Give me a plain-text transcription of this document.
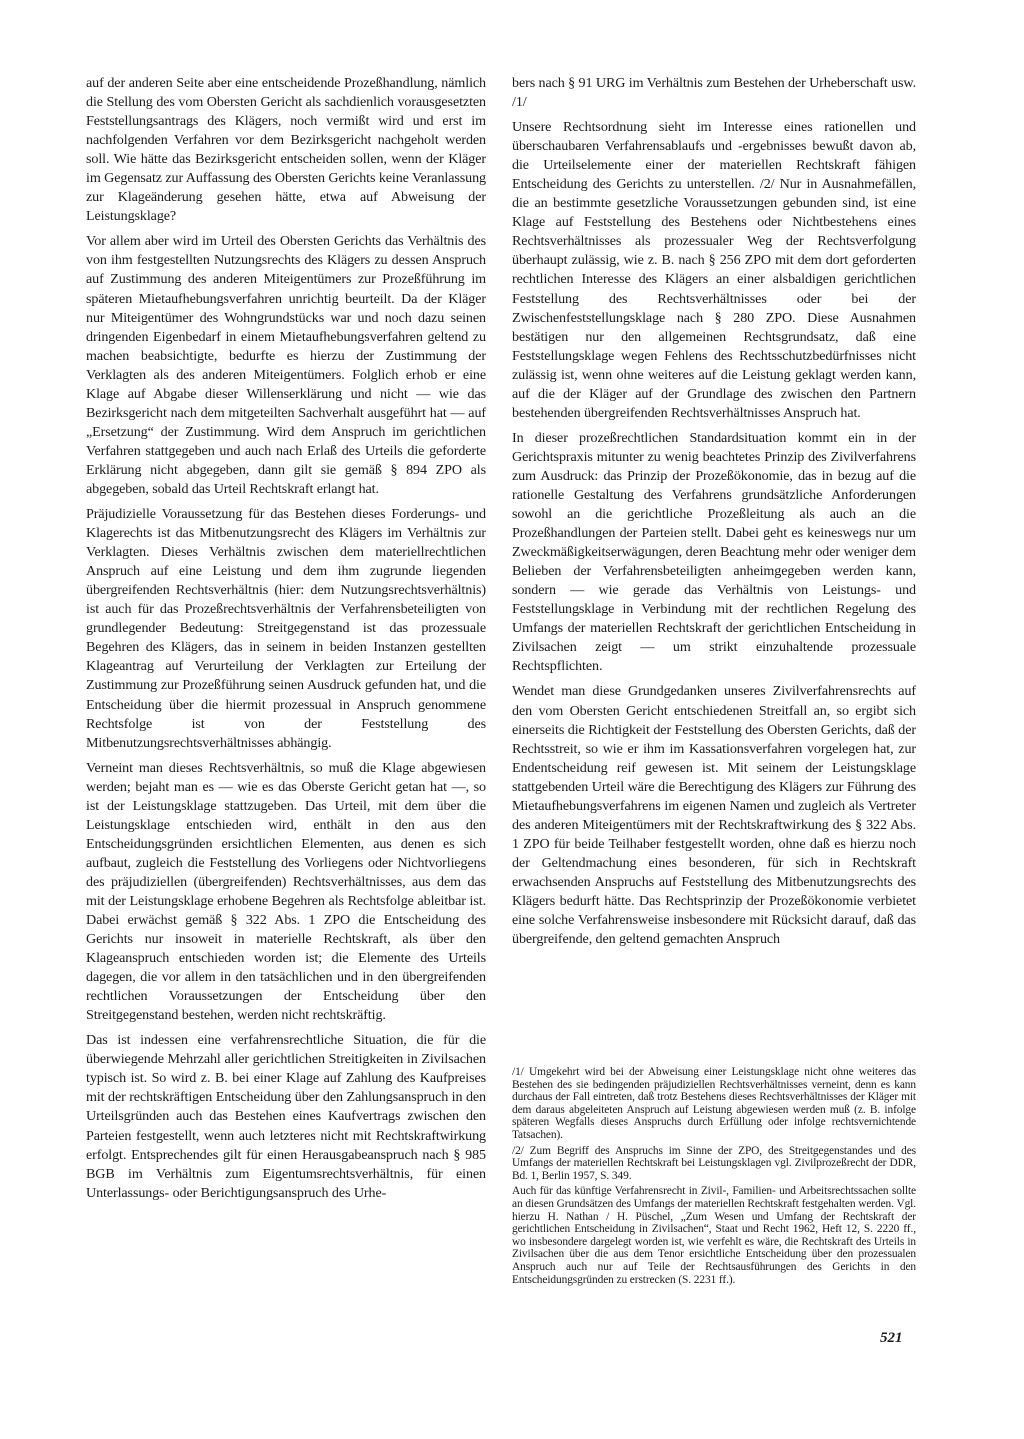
auf der anderen Seite aber eine entscheidende Prozeßhandlung, nämlich die Stellung des vom Obersten Gericht als sachdienlich vorausgesetzten Feststellungsantrags des Klägers, noch vermißt wird und erst im nachfolgenden Verfahren vor dem Bezirksgericht nachgeholt werden soll. Wie hätte das Bezirksgericht entscheiden sollen, wenn der Kläger im Gegensatz zur Auffassung des Obersten Gerichts keine Veranlassung zur Klageänderung gesehen hätte, etwa auf Abweisung der Leistungsklage?

Vor allem aber wird im Urteil des Obersten Gerichts das Verhältnis des von ihm festgestellten Nutzungsrechts des Klägers zu dessen Anspruch auf Zustimmung des anderen Miteigentümers zur Prozeßführung im späteren Mietaufhebungsverfahren unrichtig beurteilt. Da der Kläger nur Miteigentümer des Wohngrundstücks war und noch dazu seinen dringenden Eigenbedarf in einem Mietaufhebungsverfahren geltend zu machen beabsichtigte, bedurfte es hierzu der Zustimmung der Verklagten als des anderen Miteigentümers. Folglich erhob er eine Klage auf Abgabe dieser Willenserklärung und nicht — wie das Bezirksgericht nach dem mitgeteilten Sachverhalt ausgeführt hat — auf „Ersetzung“ der Zustimmung. Wird dem Anspruch im gerichtlichen Verfahren stattgegeben und auch nach Erlaß des Urteils die geforderte Erklärung nicht abgegeben, dann gilt sie gemäß § 894 ZPO als abgegeben, sobald das Urteil Rechtskraft erlangt hat.

Präjudizielle Voraussetzung für das Bestehen dieses Forderungs- und Klagerechts ist das Mitbenutzungsrecht des Klägers im Verhältnis zur Verklagten. Dieses Verhältnis zwischen dem materiellrechtlichen Anspruch auf eine Leistung und dem ihm zugrunde liegenden übergreifenden Rechtsverhältnis (hier: dem Nutzungsrechtsverhältnis) ist auch für das Prozeßrechtsverhältnis der Verfahrensbeteiligten von grundlegender Bedeutung: Streitgegenstand ist das prozessuale Begehren des Klägers, das in seinem in beiden Instanzen gestellten Klageantrag auf Verurteilung der Verklagten zur Erteilung der Zustimmung zur Prozeßführung seinen Ausdruck gefunden hat, und die Entscheidung über die hiermit prozessual in Anspruch genommene Rechtsfolge ist von der Feststellung des Mitbenutzungsrechtsverhältnisses abhängig.

Verneint man dieses Rechtsverhältnis, so muß die Klage abgewiesen werden; bejaht man es — wie es das Oberste Gericht getan hat —, so ist der Leistungsklage stattzugeben. Das Urteil, mit dem über die Leistungsklage entschieden wird, enthält in den aus den Entscheidungsgründen ersichtlichen Elementen, aus denen es sich aufbaut, zugleich die Feststellung des Vorliegens oder Nichtvorliegens des präjudiziellen (übergreifenden) Rechtsverhältnisses, aus dem das mit der Leistungsklage erhobene Begehren als Rechtsfolge ableitbar ist. Dabei erwächst gemäß § 322 Abs. 1 ZPO die Entscheidung des Gerichts nur insoweit in materielle Rechtskraft, als über den Klageanspruch entschieden worden ist; die Elemente des Urteils dagegen, die vor allem in den tatsächlichen und in den übergreifenden rechtlichen Voraussetzungen der Entscheidung über den Streitgegenstand bestehen, werden nicht rechtskräftig.

Das ist indessen eine verfahrensrechtliche Situation, die für die überwiegende Mehrzahl aller gerichtlichen Streitigkeiten in Zivilsachen typisch ist. So wird z. B. bei einer Klage auf Zahlung des Kaufpreises mit der rechtskräftigen Entscheidung über den Zahlungsanspruch in den Urteilsgründen auch das Bestehen eines Kaufvertrags zwischen den Parteien festgestellt, wenn auch letzteres nicht mit Rechtskraftwirkung erfolgt. Entsprechendes gilt für einen Herausgabeanspruch nach § 985 BGB im Verhältnis zum Eigentumsrechtsverhältnis, für einen Unterlassungs- oder Berichtigungsanspruch des Urhe-

bers nach § 91 URG im Verhältnis zum Bestehen der Urheberschaft usw. /1/

Unsere Rechtsordnung sieht im Interesse eines rationellen und überschaubaren Verfahrensablaufs und -ergebnisses bewußt davon ab, die Urteilselemente einer der materiellen Rechtskraft fähigen Entscheidung des Gerichts zu unterstellen. /2/ Nur in Ausnahmefällen, die an bestimmte gesetzliche Voraussetzungen gebunden sind, ist eine Klage auf Feststellung des Bestehens oder Nichtbestehens eines Rechtsverhältnisses als prozessualer Weg der Rechtsverfolgung überhaupt zulässig, wie z. B. nach § 256 ZPO mit dem dort geforderten rechtlichen Interesse des Klägers an einer alsbaldigen gerichtlichen Feststellung des Rechtsverhältnisses oder bei der Zwischenfeststellungsklage nach § 280 ZPO. Diese Ausnahmen bestätigen nur den allgemeinen Rechtsgrundsatz, daß eine Feststellungsklage wegen Fehlens des Rechtsschutzbedürfnisses nicht zulässig ist, wenn ohne weiteres auf die Leistung geklagt werden kann, auf die der Kläger auf der Grundlage des zwischen den Partnern bestehenden übergreifenden Rechtsverhältnisses Anspruch hat.

In dieser prozeßrechtlichen Standardsituation kommt ein in der Gerichtspraxis mitunter zu wenig beachtetes Prinzip des Zivilverfahrens zum Ausdruck: das Prinzip der Prozeßökonomie, das in bezug auf die rationelle Gestaltung des Verfahrens grundsätzliche Anforderungen sowohl an die gerichtliche Prozeßleitung als auch an die Prozeßhandlungen der Parteien stellt. Dabei geht es keineswegs nur um Zweckmäßigkeitserwägungen, deren Beachtung mehr oder weniger dem Belieben der Verfahrensbeteiligten anheimgegeben werden kann, sondern — wie gerade das Verhältnis von Leistungs- und Feststellungsklage in Verbindung mit der rechtlichen Regelung des Umfangs der materiellen Rechtskraft der gerichtlichen Entscheidung in Zivilsachen zeigt — um strikt einzuhaltende prozessuale Rechtspflichten.

Wendet man diese Grundgedanken unseres Zivilverfahrensrechts auf den vom Obersten Gericht entschiedenen Streitfall an, so ergibt sich einerseits die Richtigkeit der Feststellung des Obersten Gerichts, daß der Rechtsstreit, so wie er ihm im Kassationsverfahren vorgelegen hat, zur Endentscheidung reif gewesen ist. Mit seinem der Leistungsklage stattgebenden Urteil wäre die Berechtigung des Klägers zur Führung des Mietaufhebungsverfahrens im eigenen Namen und zugleich als Vertreter des anderen Miteigentümers mit der Rechtskraftwirkung des § 322 Abs. 1 ZPO für beide Teilhaber festgestellt worden, ohne daß es hierzu noch der Geltendmachung eines besonderen, für sich in Rechtskraft erwachsenden Anspruchs auf Feststellung des Mitbenutzungsrechts des Klägers bedurft hätte. Das Rechtsprinzip der Prozeßökonomie verbietet eine solche Verfahrensweise insbesondere mit Rücksicht darauf, daß das übergreifende, den geltend gemachten Anspruch

/1/ Umgekehrt wird bei der Abweisung einer Leistungsklage nicht ohne weiteres das Bestehen des sie bedingenden präjudiziellen Rechtsverhältnisses verneint, denn es kann durchaus der Fall eintreten, daß trotz Bestehens dieses Rechtsverhältnisses der Kläger mit dem daraus abgeleiteten Anspruch auf Leistung abgewiesen werden muß (z. B. infolge späteren Wegfalls dieses Anspruchs durch Erfüllung oder infolge rechtsvernichtende Tatsachen).

/2/ Zum Begriff des Anspruchs im Sinne der ZPO, des Streitgegenstandes und des Umfangs der materiellen Rechtskraft bei Leistungsklagen vgl. Zivilprozeßrecht der DDR, Bd. 1, Berlin 1957, S. 349.

Auch für das künftige Verfahrensrecht in Zivil-, Familien- und Arbeitsrechtssachen sollte an diesen Grundsätzen des Umfangs der materiellen Rechtskraft festgehalten werden. Vgl. hierzu H. Nathan / H. Püschel, „Zum Wesen und Umfang der Rechtskraft der gerichtlichen Entscheidung in Zivilsachen“, Staat und Recht 1962, Heft 12, S. 2220 ff., wo insbesondere dargelegt worden ist, wie verfehlt es wäre, die Rechtskraft des Urteils in Zivilsachen über die aus dem Tenor ersichtliche Entscheidung über den prozessualen Anspruch auch nur auf Teile der Rechtsausführungen des Gerichts in den Entscheidungsgründen zu erstrecken (S. 2231 ff.).

521
